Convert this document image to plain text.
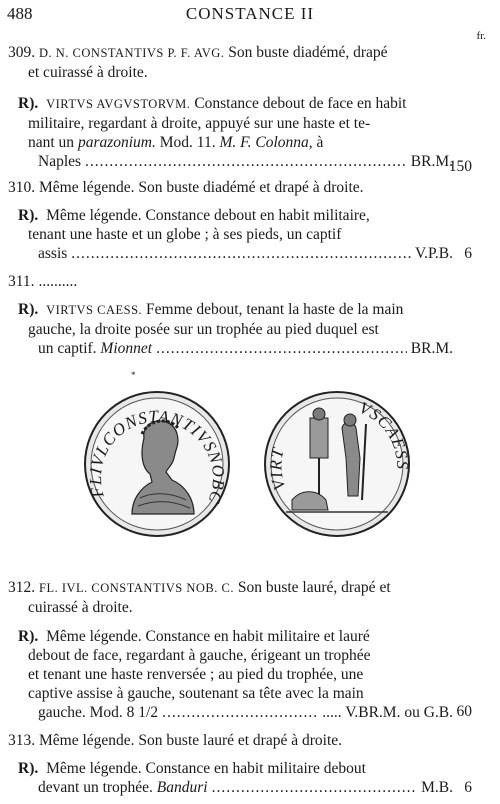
488	CONSTANCE II
fr.

309. D. N. CONSTANTIVS P. F. AVG. Son buste diadémé, drapé

et cuirassé à droite.

R). VIRTVS AVGVSTORVM. Constance debout de face en habit

militaire, regardant à droite, appuyé sur une haste et te-

nant un parazonium. Mod. 11. M. F. Colonna, à

Naples .....	BR.M.
150

310. Même légende. Son buste diadémé et drapé à droite.

R). Même légende. Constance debout en habit militaire,

tenant une haste et un globe ; à ses pieds, un captif

assis .....	V.P.B. 6

311. ..........

R). VIRTVS CAESS. Femme debout, tenant la haste de la main

gauche, la droite posée sur un trophée au pied duquel est

un captif.
Mionnet .....	BR.M.
*
FLIVLCONSTANTIVSNOBC
VIRT
VSCAESS

312. FL. IVL. CONSTANTIVS NOB. C. Son buste lauré, drapé et

cuirassé à droite.

R). Même légende. Constance en habit militaire et lauré

debout de face, regardant à gauche, érigeant un trophée

et tenant une haste renversée ; au pied du trophée, une

captive assise à gauche, soutenant sa tête avec la main

gauche. Mod. 8 1/2 .....	..... V.BR.M. ou G.B. 60

313. Même légende. Son buste lauré et drapé à droite.

R). Même légende. Constance en habit militaire debout

devant un trophée.
Banduri .....	M.B. 6
